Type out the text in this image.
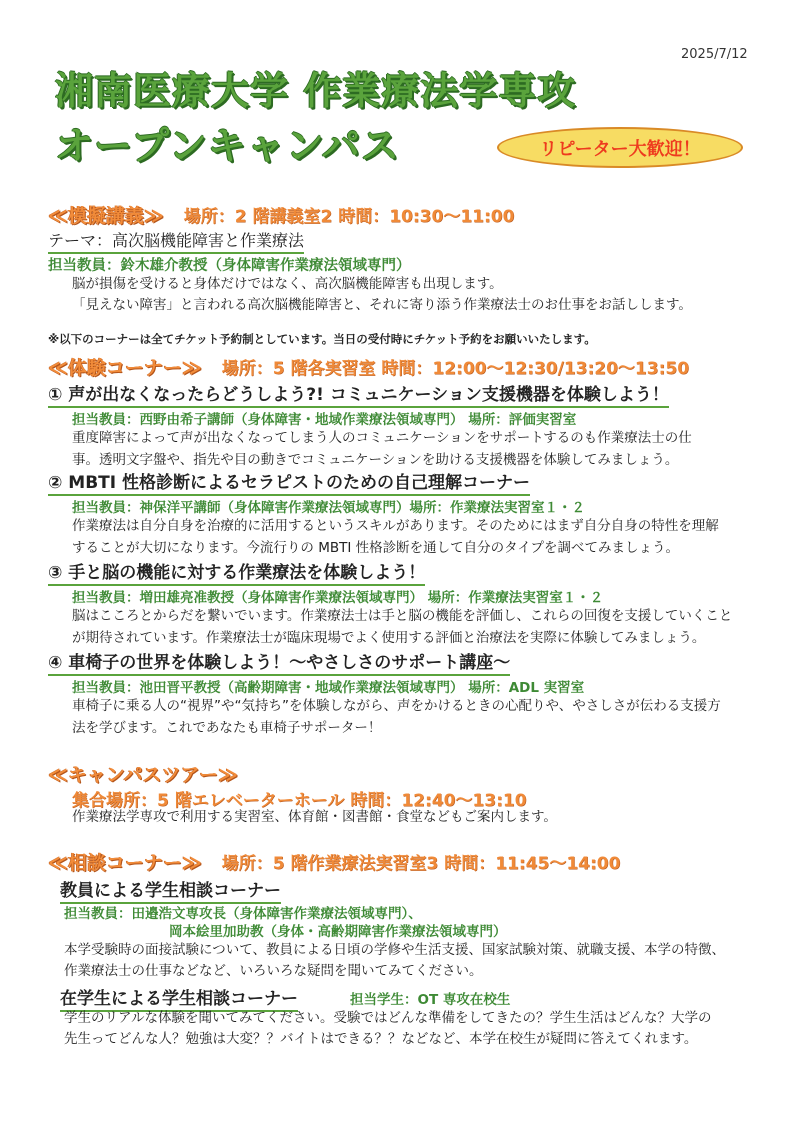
2025/7/12
湘南医療大学 作業療法学専攻
オープンキャンパス	リピーター大歓迎！
≪模擬講義≫ 場所：2 階講義室2 時間：10:30〜11:00
テーマ：高次脳機能障害と作業療法
担当教員：鈴木雄介教授（身体障害作業療法領域専門）
脳が損傷を受けると身体だけではなく、高次脳機能障害も出現します。
「見えない障害」と言われる高次脳機能障害と、それに寄り添う作業療法士のお仕事をお話しします。
※以下のコーナーは全てチケット予約制としています。当日の受付時にチケット予約をお願いいたします。
≪体験コーナー≫ 場所：5 階各実習室 時間：12:00〜12:30/13:20〜13:50
① 声が出なくなったらどうしよう?! コミュニケーション支援機器を体験しよう！
担当教員：西野由希子講師（身体障害・地域作業療法領域専門） 場所：評価実習室
重度障害によって声が出なくなってしまう人のコミュニケーションをサポートするのも作業療法士の仕
事。透明文字盤や、指先や目の動きでコミュニケーションを助ける支援機器を体験してみましょう。
② MBTI 性格診断によるセラピストのための自己理解コーナー
担当教員：神保洋平講師（身体障害作業療法領域専門）場所：作業療法実習室１・２
作業療法は自分自身を治療的に活用するというスキルがあります。そのためにはまず自分自身の特性を理解
することが大切になります。今流行りの MBTI 性格診断を通して自分のタイプを調べてみましょう。
③ 手と脳の機能に対する作業療法を体験しよう！
担当教員：増田雄亮准教授（身体障害作業療法領域専門） 場所：作業療法実習室１・２
脳はこころとからだを繋いでいます。作業療法士は手と脳の機能を評価し、これらの回復を支援していくこと
が期待されています。作業療法士が臨床現場でよく使用する評価と治療法を実際に体験してみましょう。
④ 車椅子の世界を体験しよう！〜やさしさのサポート講座〜
担当教員：池田晋平教授（高齢期障害・地域作業療法領域専門） 場所：ADL 実習室
車椅子に乗る人の“視界”や“気持ち”を体験しながら、声をかけるときの心配りや、やさしさが伝わる支援方
法を学びます。これであなたも車椅子サポーター！
≪キャンパスツアー≫
集合場所：5 階エレベーターホール 時間：12:40〜13:10
作業療法学専攻で利用する実習室、体育館・図書館・食堂などもご案内します。
≪相談コーナー≫ 場所：5 階作業療法実習室3 時間：11:45〜14:00
教員による学生相談コーナー
担当教員：田邉浩文専攻長（身体障害作業療法領域専門）、
岡本絵里加助教（身体・高齢期障害作業療法領域専門）
本学受験時の面接試験について、教員による日頃の学修や生活支援、国家試験対策、就職支援、本学の特徴、
作業療法士の仕事などなど、いろいろな疑問を聞いてみてください。
在学生による学生相談コーナー	担当学生：OT 専攻在校生
学生のリアルな体験を聞いてみてください。受験ではどんな準備をしてきたの？学生生活はどんな？大学の
先生ってどんな人？勉強は大変？？バイトはできる？？などなど、本学在校生が疑問に答えてくれます。
